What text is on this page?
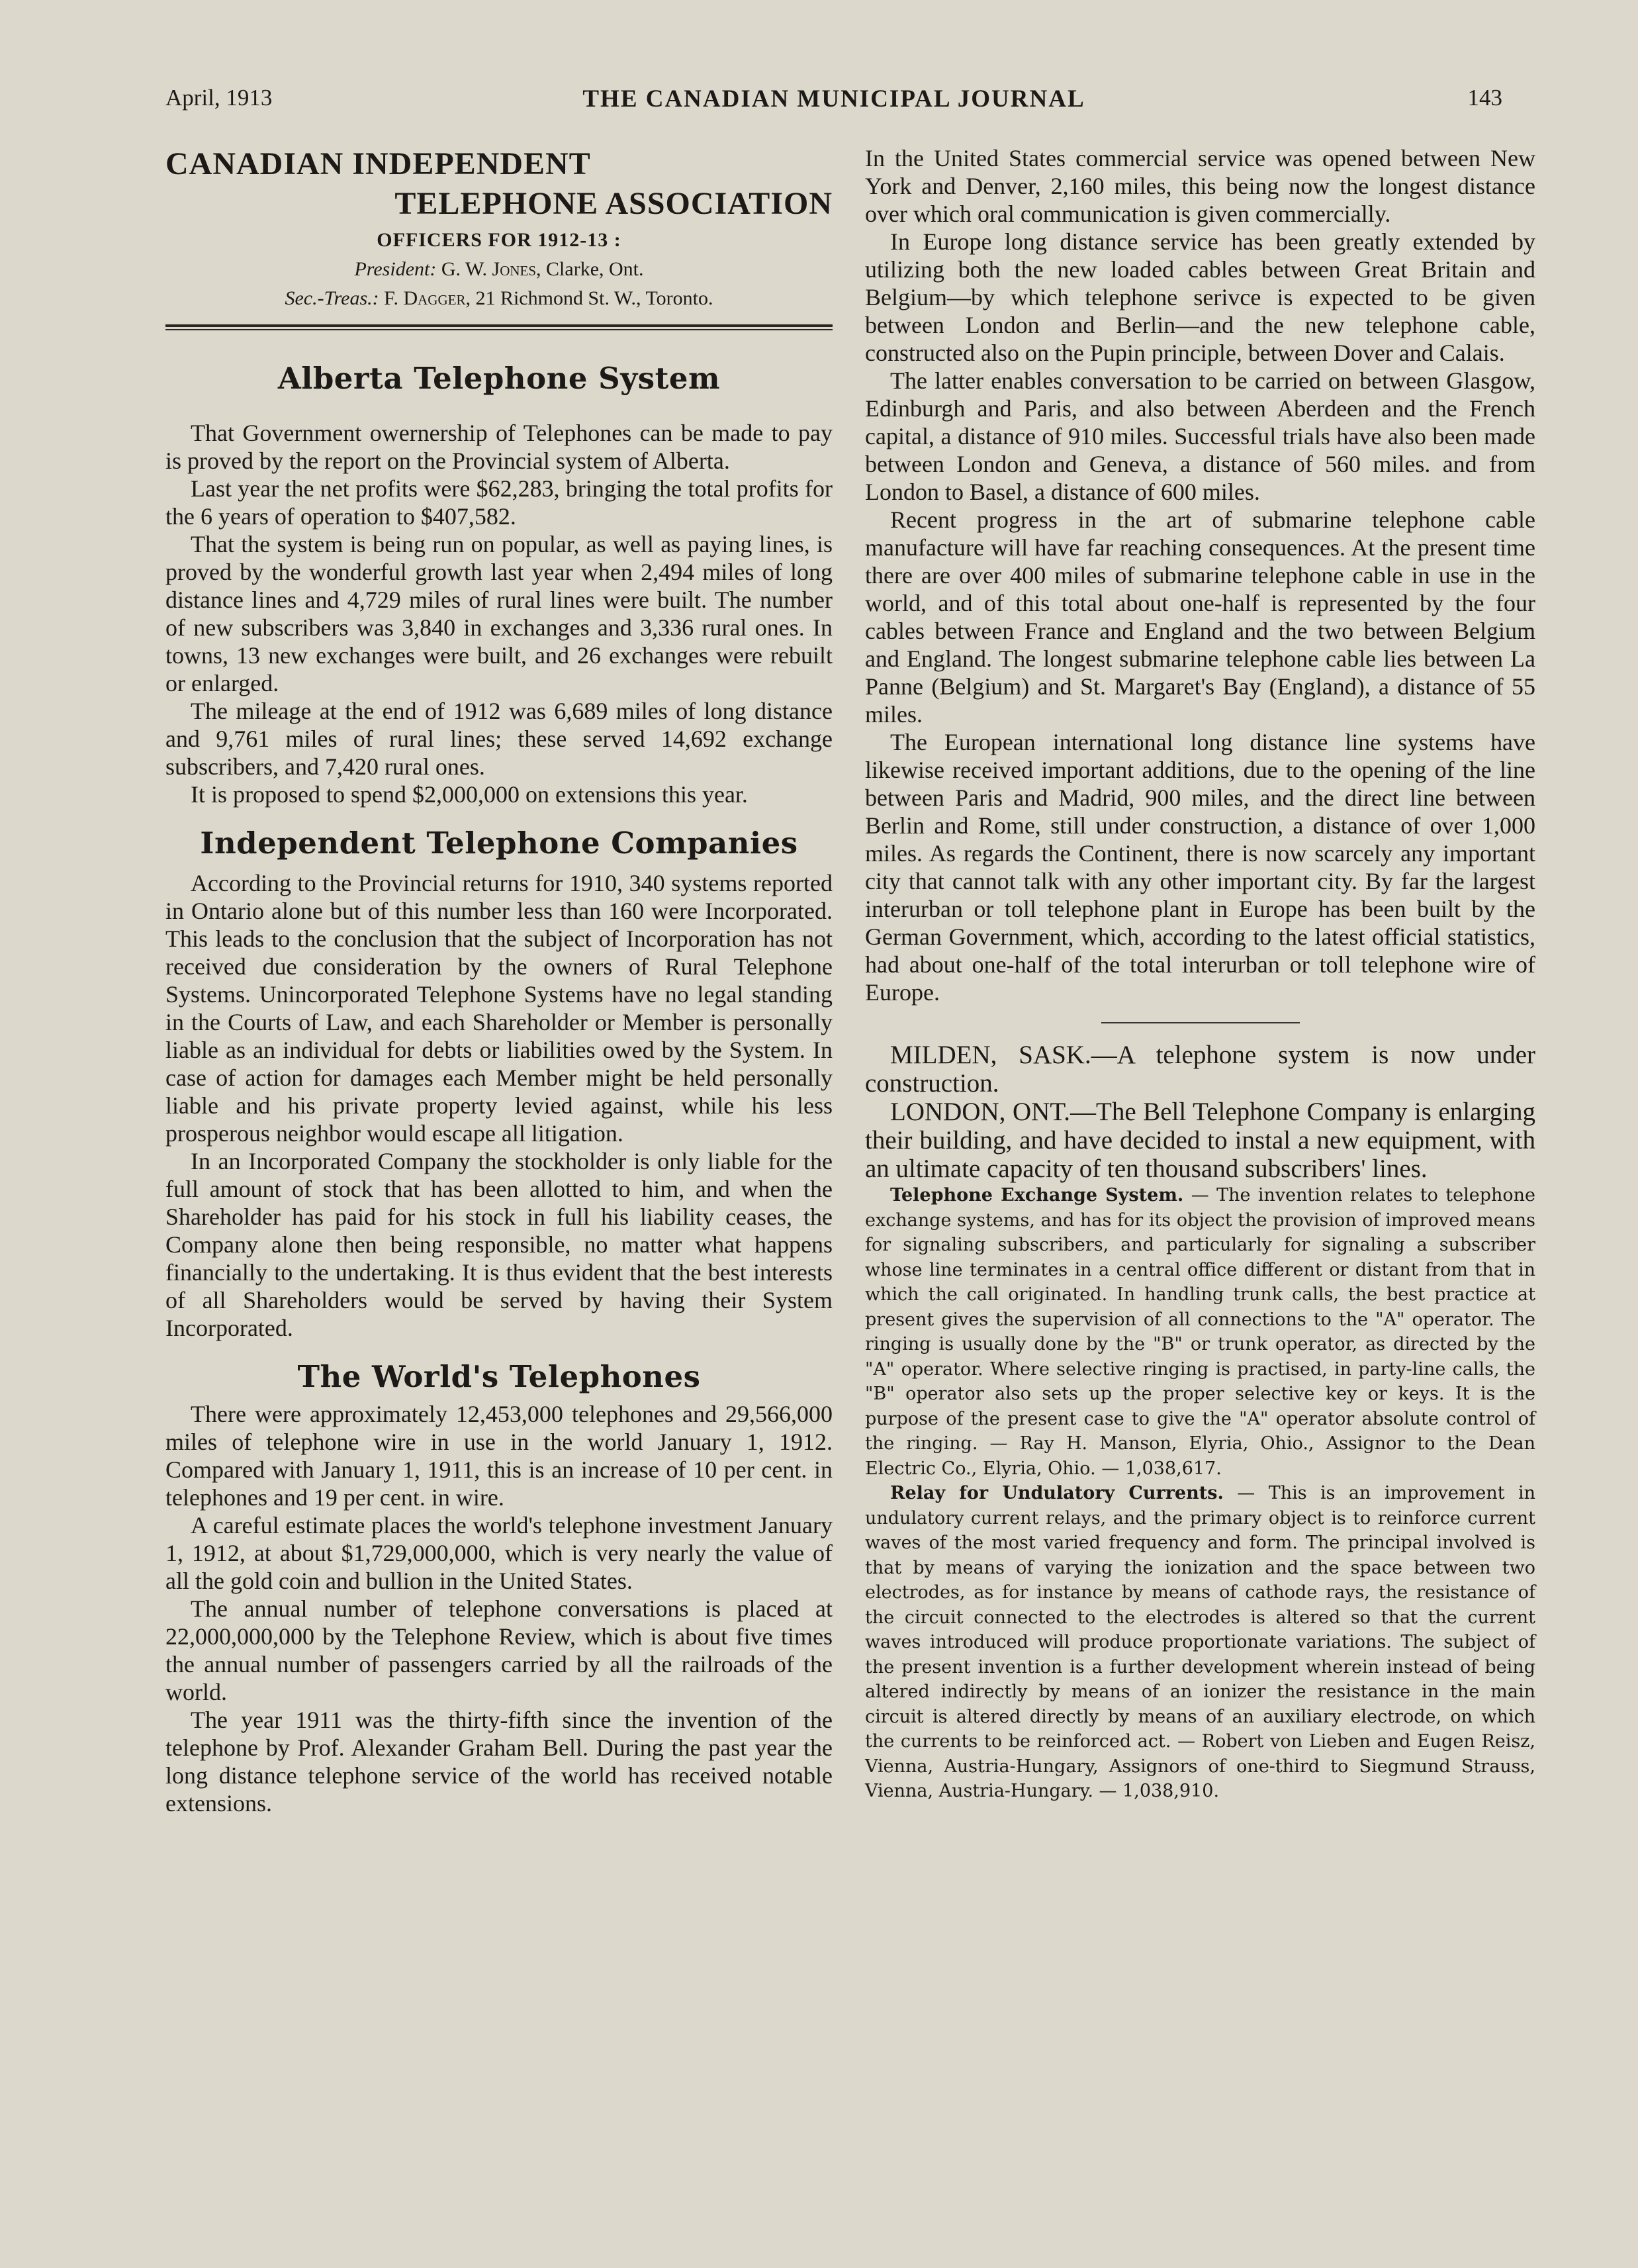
April, 1913	THE CANADIAN MUNICIPAL JOURNAL	143
CANADIAN INDEPENDENT
TELEPHONE ASSOCIATION
OFFICERS FOR 1912-13 :
President: G. W. Jones, Clarke, Ont.
Sec.-Treas.: F. Dagger, 21 Richmond St. W., Toronto.
Alberta Telephone System

That Government owernership of Telephones can be made to pay is proved by the report on the Provincial system of Alberta.

Last year the net profits were $62,283, bringing the total profits for the 6 years of operation to $407,582.

That the system is being run on popular, as well as paying lines, is proved by the wonderful growth last year when 2,494 miles of long distance lines and 4,729 miles of rural lines were built. The number of new subscribers was 3,840 in exchanges and 3,336 rural ones. In towns, 13 new exchanges were built, and 26 exchanges were rebuilt or enlarged.

The mileage at the end of 1912 was 6,689 miles of long distance and 9,761 miles of rural lines; these served 14,692 exchange subscribers, and 7,420 rural ones.

It is proposed to spend $2,000,000 on extensions this year.

Independent Telephone Companies

According to the Provincial returns for 1910, 340 systems reported in Ontario alone but of this number less than 160 were Incorporated. This leads to the conclusion that the subject of Incorporation has not received due consideration by the owners of Rural Telephone Systems. Unincorporated Telephone Systems have no legal standing in the Courts of Law, and each Shareholder or Member is personally liable as an individual for debts or liabilities owed by the System. In case of action for damages each Member might be held personally liable and his private property levied against, while his less prosperous neighbor would escape all litigation.

In an Incorporated Company the stockholder is only liable for the full amount of stock that has been allotted to him, and when the Shareholder has paid for his stock in full his liability ceases, the Company alone then being responsible, no matter what happens financially to the undertaking. It is thus evident that the best interests of all Shareholders would be served by having their System Incorporated.

The World's Telephones

There were approximately 12,453,000 telephones and 29,566,000 miles of telephone wire in use in the world January 1, 1912. Compared with January 1, 1911, this is an increase of 10 per cent. in telephones and 19 per cent. in wire.

A careful estimate places the world's telephone investment January 1, 1912, at about $1,729,000,000, which is very nearly the value of all the gold coin and bullion in the United States.

The annual number of telephone conversations is placed at 22,000,000,000 by the Telephone Review, which is about five times the annual number of passengers carried by all the railroads of the world.

The year 1911 was the thirty-fifth since the invention of the telephone by Prof. Alexander Graham Bell. During the past year the long distance telephone service of the world has received notable extensions.

In the United States commercial service was opened between New York and Denver, 2,160 miles, this being now the longest distance over which oral communication is given commercially.

In Europe long distance service has been greatly extended by utilizing both the new loaded cables between Great Britain and Belgium—by which telephone serivce is expected to be given between London and Berlin—and the new telephone cable, constructed also on the Pupin principle, between Dover and Calais.

The latter enables conversation to be carried on between Glasgow, Edinburgh and Paris, and also between Aberdeen and the French capital, a distance of 910 miles. Successful trials have also been made between London and Geneva, a distance of 560 miles. and from London to Basel, a distance of 600 miles.

Recent progress in the art of submarine telephone cable manufacture will have far reaching consequences. At the present time there are over 400 miles of submarine telephone cable in use in the world, and of this total about one-half is represented by the four cables between France and England and the two between Belgium and England. The longest submarine telephone cable lies between La Panne (Belgium) and St. Margaret's Bay (England), a distance of 55 miles.

The European international long distance line systems have likewise received important additions, due to the opening of the line between Paris and Madrid, 900 miles, and the direct line between Berlin and Rome, still under construction, a distance of over 1,000 miles. As regards the Continent, there is now scarcely any important city that cannot talk with any other important city. By far the largest interurban or toll telephone plant in Europe has been built by the German Government, which, according to the latest official statistics, had about one-half of the total interurban or toll telephone wire of Europe.

MILDEN, SASK.—A telephone system is now under construction.

LONDON, ONT.—The Bell Telephone Company is enlarging their building, and have decided to instal a new equipment, with an ultimate capacity of ten thousand subscribers' lines.

Telephone Exchange System. — The invention relates to telephone exchange systems, and has for its object the provision of improved means for signaling subscribers, and particularly for signaling a subscriber whose line terminates in a central office different or distant from that in which the call originated. In handling trunk calls, the best practice at present gives the supervision of all connections to the "A" operator. The ringing is usually done by the "B" or trunk operator, as directed by the "A" operator. Where selective ringing is practised, in party-line calls, the "B" operator also sets up the proper selective key or keys. It is the purpose of the present case to give the "A" operator absolute control of the ringing. — Ray H. Manson, Elyria, Ohio., Assignor to the Dean Electric Co., Elyria, Ohio. — 1,038,617.

Relay for Undulatory Currents. — This is an improvement in undulatory current relays, and the primary object is to reinforce current waves of the most varied frequency and form. The principal involved is that by means of varying the ionization and the space between two electrodes, as for instance by means of cathode rays, the resistance of the circuit connected to the electrodes is altered so that the current waves introduced will produce proportionate variations. The subject of the present invention is a further development wherein instead of being altered indirectly by means of an ionizer the resistance in the main circuit is altered directly by means of an auxiliary electrode, on which the currents to be reinforced act. — Robert von Lieben and Eugen Reisz, Vienna, Austria-Hungary, Assignors of one-third to Siegmund Strauss, Vienna, Austria-Hungary. — 1,038,910.
